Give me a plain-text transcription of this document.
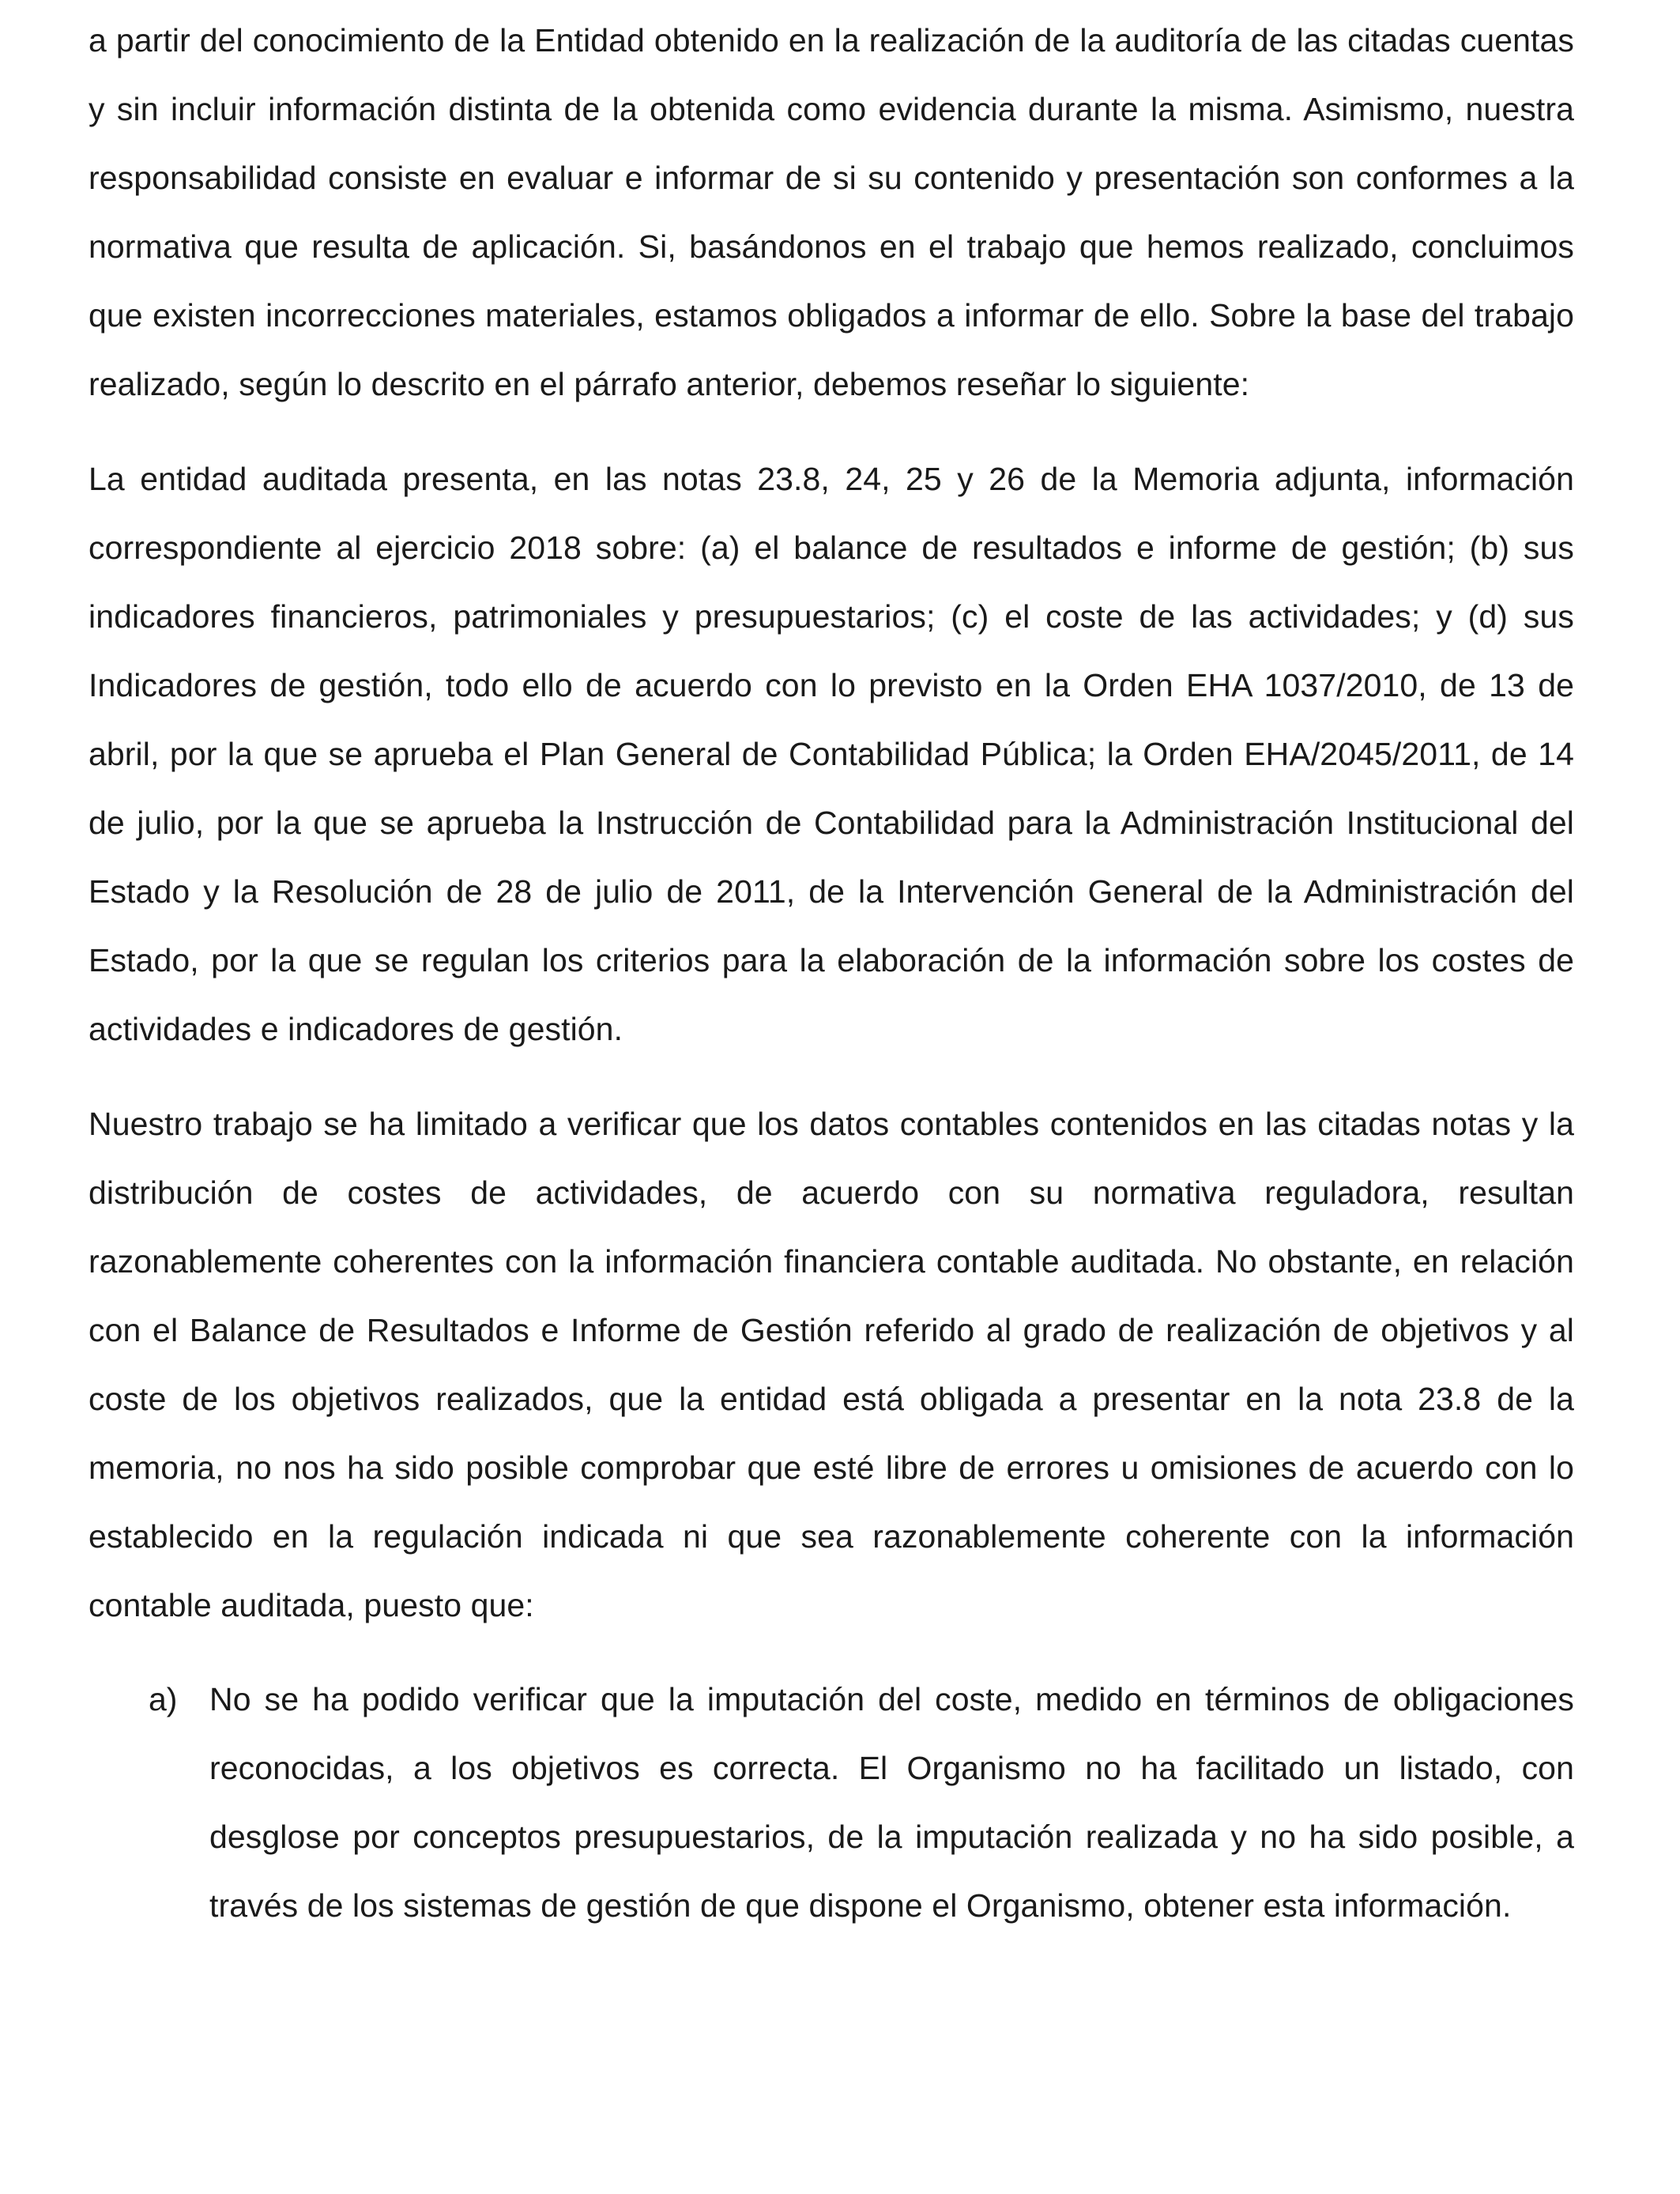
a partir del conocimiento de la Entidad obtenido en la realización de la auditoría de las citadas cuentas y sin incluir información distinta de la obtenida como evidencia durante la misma. Asimismo, nuestra responsabilidad consiste en evaluar e informar de si su contenido y presentación son conformes a la normativa que resulta de aplicación. Si, basándonos en el trabajo que hemos realizado, concluimos que existen incorrecciones materiales, estamos obligados a informar de ello. Sobre la base del trabajo realizado, según lo descrito en el párrafo anterior, debemos reseñar lo siguiente:

La entidad auditada presenta, en las notas 23.8, 24, 25 y 26 de la Memoria adjunta, información correspondiente al ejercicio 2018 sobre: (a) el balance de resultados e informe de gestión; (b) sus indicadores financieros, patrimoniales y presupuestarios; (c) el coste de las actividades; y (d) sus Indicadores de gestión, todo ello de acuerdo con lo previsto en la Orden EHA 1037/2010, de 13 de abril, por la que se aprueba el Plan General de Contabilidad Pública; la Orden EHA/2045/2011, de 14 de julio, por la que se aprueba la Instrucción de Contabilidad para la Administración Institucional del Estado y la Resolución de 28 de julio de 2011, de la Intervención General de la Administración del Estado, por la que se regulan los criterios para la elaboración de la información sobre los costes de actividades e indicadores de gestión.

Nuestro trabajo se ha limitado a verificar que los datos contables contenidos en las citadas notas y la distribución de costes de actividades, de acuerdo con su normativa reguladora, resultan razonablemente coherentes con la información financiera contable auditada. No obstante, en relación con el Balance de Resultados e Informe de Gestión referido al grado de realización de objetivos y al coste de los objetivos realizados, que la entidad está obligada a presentar en la nota 23.8 de la memoria, no nos ha sido posible comprobar que esté libre de errores u omisiones de acuerdo con lo establecido en la regulación indicada ni que sea razonablemente coherente con la información contable auditada, puesto que:

a) No se ha podido verificar que la imputación del coste, medido en términos de obligaciones reconocidas, a los objetivos es correcta. El Organismo no ha facilitado un listado, con desglose por conceptos presupuestarios, de la imputación realizada y no ha sido posible, a través de los sistemas de gestión de que dispone el Organismo, obtener esta información.
